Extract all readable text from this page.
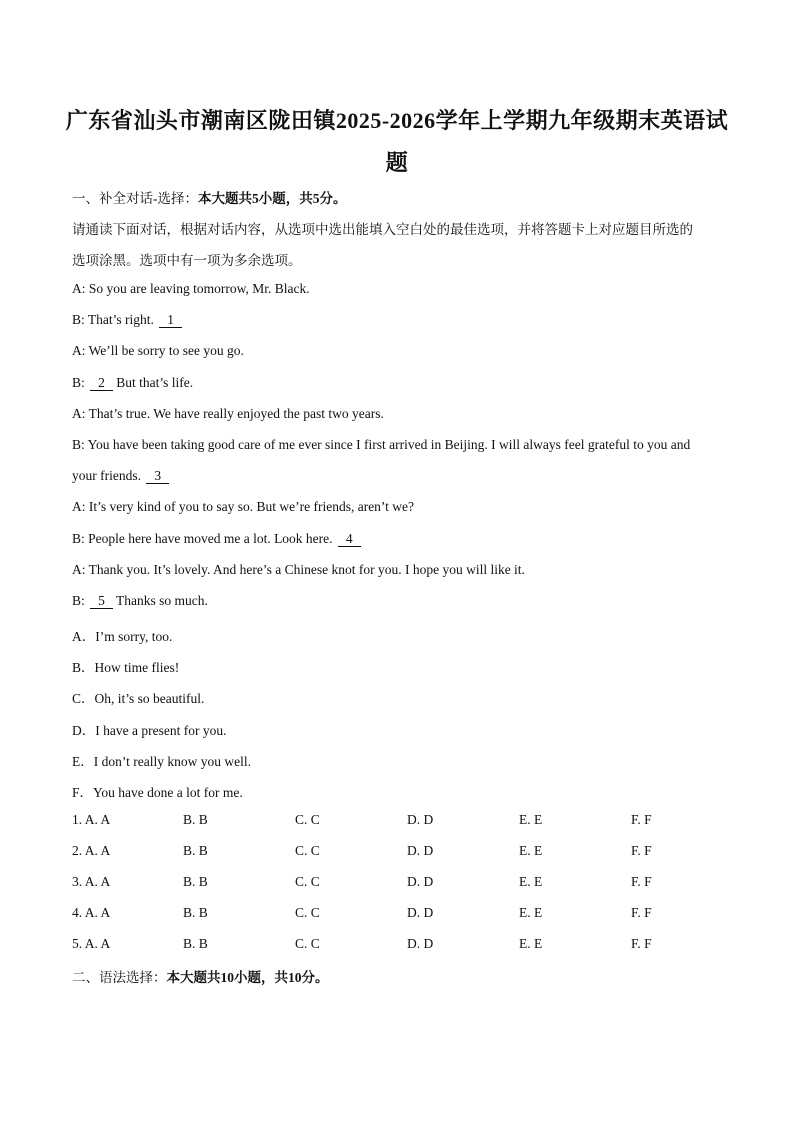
广东省汕头市潮南区陇田镇2025-2026学年上学期九年级期末英语试
题
一、补全对话-选择：本大题共5小题，共5分。
请通读下面对话，根据对话内容，从选项中选出能填入空白处的最佳选项，并将答题卡上对应题目所选的
选项涂黑。选项中有一项为多余选项。
A: So you are leaving tomorrow, Mr. Black.
B: That’s right. 1
A: We’ll be sorry to see you go.
B: 2 But that’s life.
A: That’s true. We have really enjoyed the past two years.
B: You have been taking good care of me ever since I first arrived in Beijing. I will always feel grateful to you and
your friends. 3
A: It’s very kind of you to say so. But we’re friends, aren’t we?
B: People here have moved me a lot. Look here. 4
A: Thank you. It’s lovely. And here’s a Chinese knot for you. I hope you will like it.
B: 5 Thanks so much.
A．I’m sorry, too.
B．How time flies!
C．Oh, it’s so beautiful.
D．I have a present for you.
E．I don’t really know you well.
F．You have done a lot for me.
1. A. A	B. B	C. C	D. D	E. E	F. F
2. A. A	B. B	C. C	D. D	E. E	F. F
3. A. A	B. B	C. C	D. D	E. E	F. F
4. A. A	B. B	C. C	D. D	E. E	F. F
5. A. A	B. B	C. C	D. D	E. E	F. F
二、语法选择：本大题共10小题，共10分。
